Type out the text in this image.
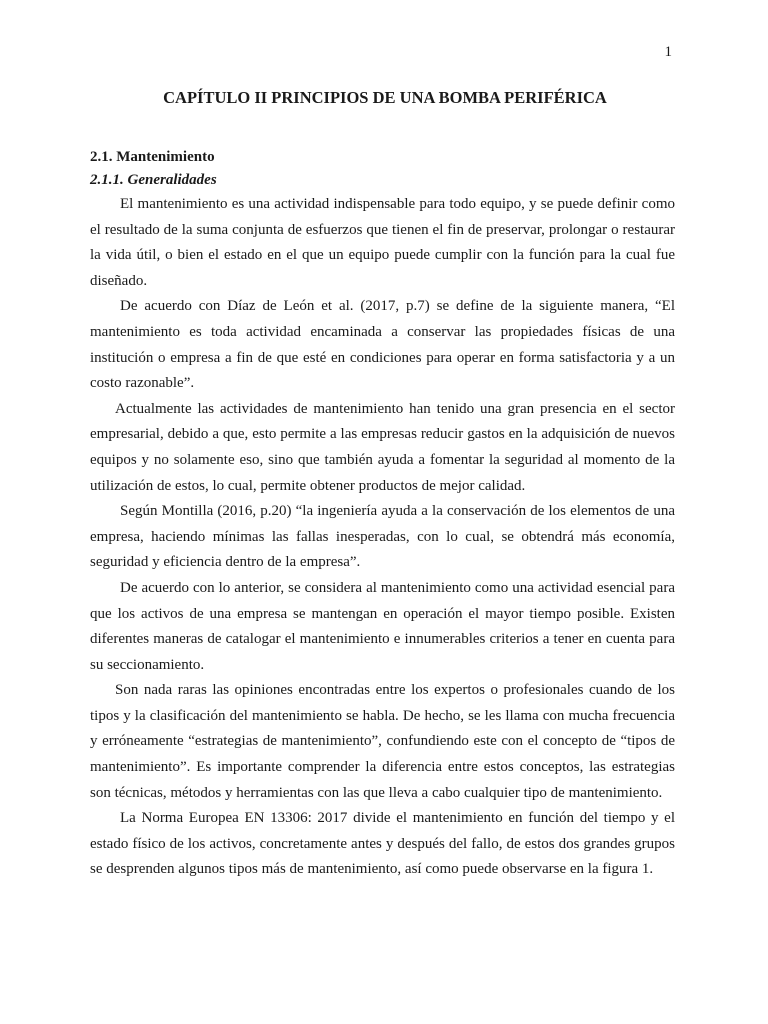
1
CAPÍTULO II PRINCIPIOS DE UNA BOMBA PERIFÉRICA
2.1. Mantenimiento
2.1.1. Generalidades

El mantenimiento es una actividad indispensable para todo equipo, y se puede definir como el resultado de la suma conjunta de esfuerzos que tienen el fin de preservar, prolongar o restaurar la vida útil, o bien el estado en el que un equipo puede cumplir con la función para la cual fue diseñado.

De acuerdo con Díaz de León et al. (2017, p.7) se define de la siguiente manera, “El mantenimiento es toda actividad encaminada a conservar las propiedades físicas de una institución o empresa a fin de que esté en condiciones para operar en forma satisfactoria y a un costo razonable”.

Actualmente las actividades de mantenimiento han tenido una gran presencia en el sector empresarial, debido a que, esto permite a las empresas reducir gastos en la adquisición de nuevos equipos y no solamente eso, sino que también ayuda a fomentar la seguridad al momento de la utilización de estos, lo cual, permite obtener productos de mejor calidad.

Según Montilla (2016, p.20) “la ingeniería ayuda a la conservación de los elementos de una empresa, haciendo mínimas las fallas inesperadas, con lo cual, se obtendrá más economía, seguridad y eficiencia dentro de la empresa”.

De acuerdo con lo anterior, se considera al mantenimiento como una actividad esencial para que los activos de una empresa se mantengan en operación el mayor tiempo posible. Existen diferentes maneras de catalogar el mantenimiento e innumerables criterios a tener en cuenta para su seccionamiento.

Son nada raras las opiniones encontradas entre los expertos o profesionales cuando de los tipos y la clasificación del mantenimiento se habla. De hecho, se les llama con mucha frecuencia y erróneamente “estrategias de mantenimiento”, confundiendo este con el concepto de “tipos de mantenimiento”. Es importante comprender la diferencia entre estos conceptos, las estrategias son técnicas, métodos y herramientas con las que lleva a cabo cualquier tipo de mantenimiento.

La Norma Europea EN 13306: 2017 divide el mantenimiento en función del tiempo y el estado físico de los activos, concretamente antes y después del fallo, de estos dos grandes grupos se desprenden algunos tipos más de mantenimiento, así como puede observarse en la figura 1.
